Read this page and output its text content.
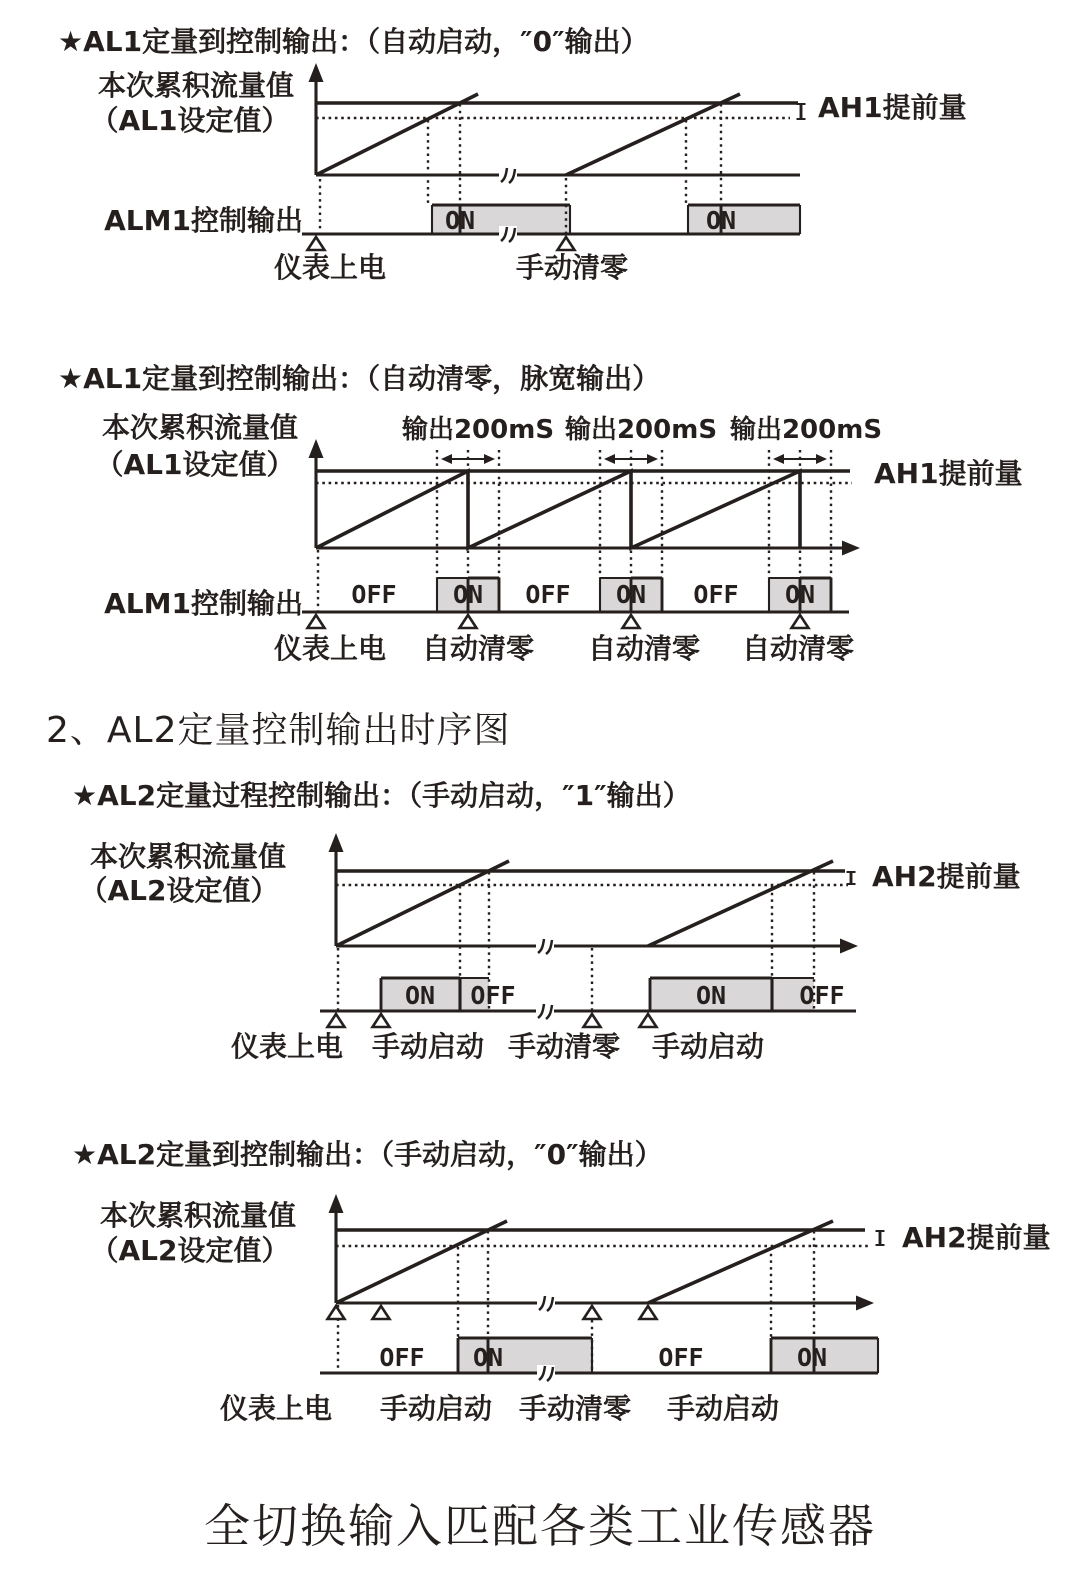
★AL1定量到控制输出：（自动启动，″0″输出）
本次累积流量值
（AL1设定值）	AH1提前量
ALM1控制输出	ON	ON
仪表上电	手动清零
★AL1定量到控制输出：（自动清零，脉宽输出）
本次累积流量值
（AL1设定值）
输出200mS 输出200mS 输出200mS
AH1提前量
ALM1控制输出 OFF ON OFF ON OFF ON
仪表上电 自动清零 自动清零 自动清零
2、AL2定量控制输出时序图
★AL2定量过程控制输出：（手动启动，″1″输出）
本次累积流量值
（AL2设定值）	AH2提前量
ON OFF	ON	OFF
仪表上电 手动启动 手动清零 手动启动
★AL2定量到控制输出：（手动启动，″0″输出）
本次累积流量值
（AL2设定值）	AH2提前量
OFF ON	OFF	ON
仪表上电 手动启动 手动清零 手动启动
全切换输入匹配各类工业传感器
